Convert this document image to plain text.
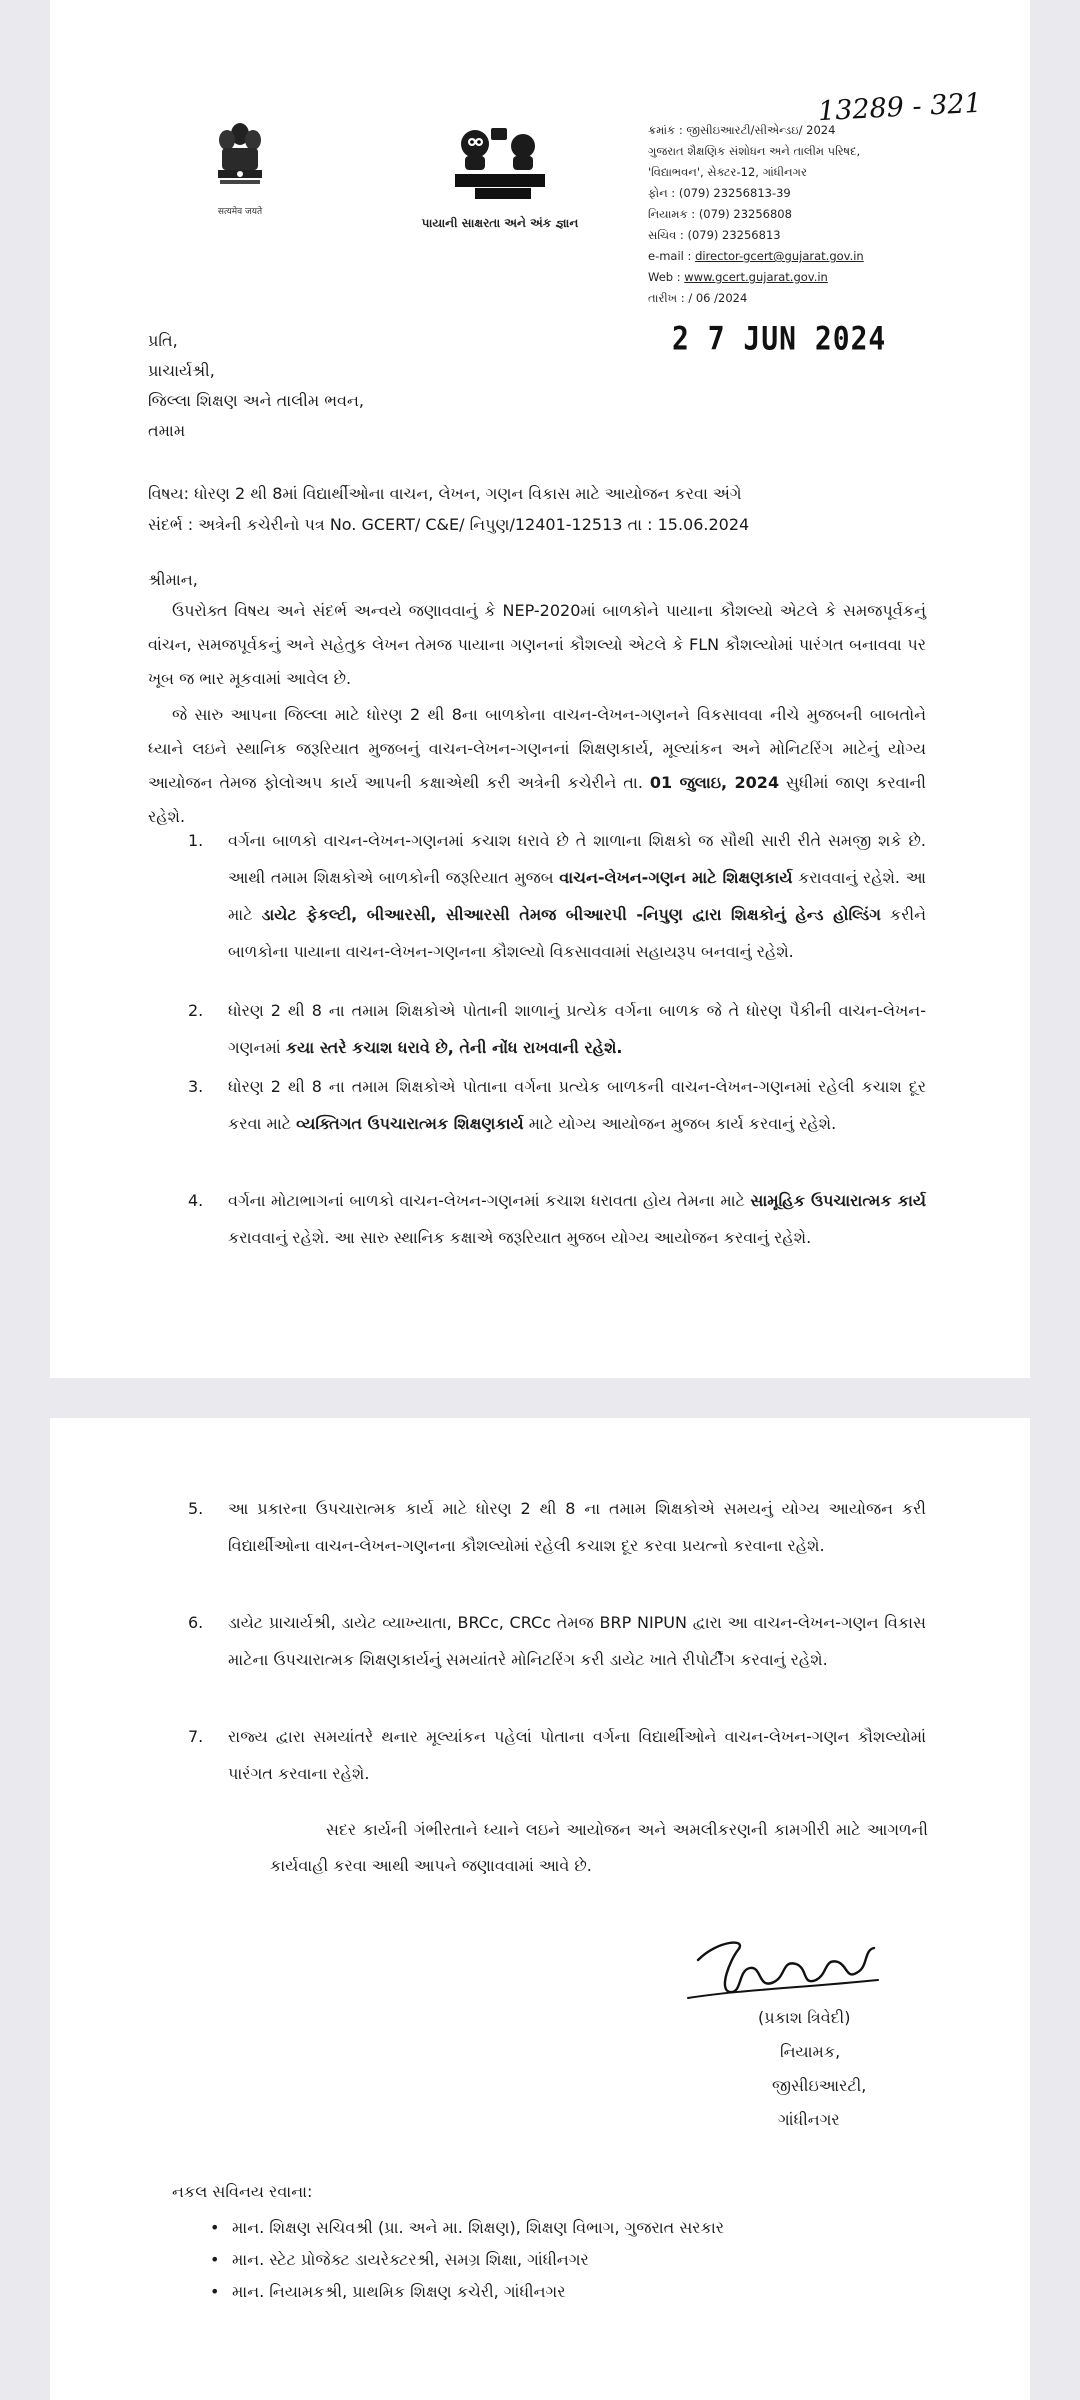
सत्यमेव जयते
પાયાની સાક્ષરતા અને અંક જ્ઞાન
13289 - 321
ક્રમાંક : જીસીઇઆરટી/સીએન્ડઇ/ 2024
ગુજરાત શૈક્ષણિક સંશોધન અને તાલીમ પરિષદ,
'વિદ્યાભવન', સેક્ટર-12, ગાંધીનગર
ફોન : (079) 23256813-39
નિયામક : (079) 23256808
સચિવ : (079) 23256813
e-mail : director-gcert@gujarat.gov.in
Web : www.gcert.gujarat.gov.in
તારીખ : / 06 /2024
2 7 JUN 2024
પ્રતિ,
પ્રાચાર્યશ્રી,
જિલ્લા શિક્ષણ અને તાલીમ ભવન,
તમામ
વિષય: ધોરણ 2 થી 8માં વિદ્યાર્થીઓના વાચન, લેખન, ગણન વિકાસ માટે આયોજન કરવા અંગે
સંદર્ભ : અત્રેની કચેરીનો પત્ર No. GCERT/ C&E/ નિપુણ/12401-12513 તા : 15.06.2024
શ્રીમાન,
ઉપરોક્ત વિષય અને સંદર્ભ અન્વયે જણાવવાનું કે NEP-2020માં બાળકોને પાયાના કૌશલ્યો એટલે કે સમજપૂર્વકનું વાંચન, સમજપૂર્વકનું અને સહેતુક લેખન તેમજ પાયાના ગણનનાં કૌશલ્યો એટલે કે FLN કૌશલ્યોમાં પારંગત બનાવવા પર ખૂબ જ ભાર મૂકવામાં આવેલ છે.
જે સારુ આપના જિલ્લા માટે ધોરણ 2 થી 8ના બાળકોના વાચન-લેખન-ગણનને વિકસાવવા નીચે મુજબની બાબતોને ધ્યાને લઇને સ્થાનિક જરૂરિયાત મુજબનું વાચન-લેખન-ગણનનાં શિક્ષણકાર્ય, મૂલ્યાંકન અને મોનિટરિંગ માટેનું યોગ્ય આયોજન તેમજ ફોલોઅપ કાર્ય આપની કક્ષાએથી કરી અત્રેની કચેરીને તા. 01 જુલાઇ, 2024 સુધીમાં જાણ કરવાની રહેશે.
1. વર્ગના બાળકો વાચન-લેખન-ગણનમાં કચાશ ધરાવે છે તે શાળાના શિક્ષકો જ સૌથી સારી રીતે સમજી શકે છે. આથી તમામ શિક્ષકોએ બાળકોની જરૂરિયાત મુજબ વાચન-લેખન-ગણન માટે શિક્ષણકાર્ય કરાવવાનું રહેશે. આ માટે ડાયેટ ફેકલ્ટી, બીઆરસી, સીઆરસી તેમજ બીઆરપી -નિપુણ દ્વારા શિક્ષકોનું હેન્ડ હોલ્ડિંગ કરીને બાળકોના પાયાના વાચન-લેખન-ગણનના કૌશલ્યો વિકસાવવામાં સહાયરૂપ બનવાનું રહેશે.
2. ધોરણ 2 થી 8 ના તમામ શિક્ષકોએ પોતાની શાળાનું પ્રત્યેક વર્ગના બાળક જે તે ધોરણ પૈકીની વાચન-લેખન-ગણનમાં કયા સ્તરે કચાશ ધરાવે છે, તેની નોંધ રાખવાની રહેશે.
3. ધોરણ 2 થી 8 ના તમામ શિક્ષકોએ પોતાના વર્ગના પ્રત્યેક બાળકની વાચન-લેખન-ગણનમાં રહેલી કચાશ દૂર કરવા માટે વ્યક્તિગત ઉપચારાત્મક શિક્ષણકાર્ય માટે યોગ્ય આયોજન મુજબ કાર્ય કરવાનું રહેશે.
4. વર્ગના મોટાભાગનાં બાળકો વાચન-લેખન-ગણનમાં કચાશ ધરાવતા હોય તેમના માટે સામૂહિક ઉપચારાત્મક કાર્ય કરાવવાનું રહેશે. આ સારુ સ્થાનિક કક્ષાએ જરૂરિયાત મુજબ યોગ્ય આયોજન કરવાનું રહેશે.
5. આ પ્રકારના ઉપચારાત્મક કાર્ય માટે ધોરણ 2 થી 8 ના તમામ શિક્ષકોએ સમયનું યોગ્ય આયોજન કરી વિદ્યાર્થીઓના વાચન-લેખન-ગણનના કૌશલ્યોમાં રહેલી કચાશ દૂર કરવા પ્રયત્નો કરવાના રહેશે.
6. ડાયેટ પ્રાચાર્યશ્રી, ડાયેટ વ્યાખ્યાતા, BRCc, CRCc તેમજ BRP NIPUN દ્વારા આ વાચન-લેખન-ગણન વિકાસ માટેના ઉપચારાત્મક શિક્ષણકાર્યનું સમયાંતરે મોનિટરિંગ કરી ડાયેટ ખાતે રીપોર્ટીંગ કરવાનું રહેશે.
7. રાજ્ય દ્વારા સમયાંતરે થનાર મૂલ્યાંકન પહેલાં પોતાના વર્ગના વિદ્યાર્થીઓને વાચન-લેખન-ગણન કૌશલ્યોમાં પારંગત કરવાના રહેશે.
સદર કાર્યની ગંભીરતાને ધ્યાને લઇને આયોજન અને અમલીકરણની કામગીરી માટે આગળની કાર્યવાહી કરવા આથી આપને જણાવવામાં આવે છે.
(પ્રકાશ ત્રિવેદી)
નિયામક,
જીસીઇઆરટી,
ગાંધીનગર
નકલ સવિનય રવાના:
• માન. શિક્ષણ સચિવશ્રી (પ્રા. અને મા. શિક્ષણ), શિક્ષણ વિભાગ, ગુજરાત સરકાર
• માન. સ્ટેટ પ્રોજેક્ટ ડાયરેક્ટરશ્રી, સમગ્ર શિક્ષા, ગાંધીનગર
• માન. નિયામકશ્રી, પ્રાથમિક શિક્ષણ કચેરી, ગાંધીનગર
